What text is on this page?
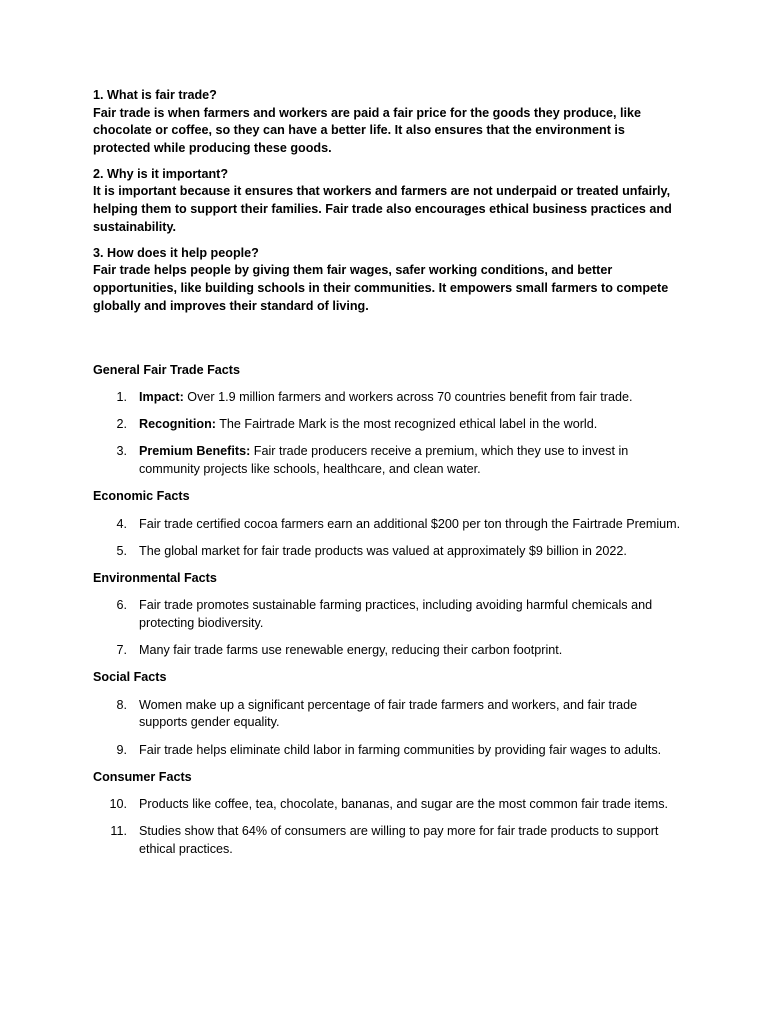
1. What is fair trade?

Fair trade is when farmers and workers are paid a fair price for the goods they produce, like chocolate or coffee, so they can have a better life. It also ensures that the environment is protected while producing these goods.

2. Why is it important?

It is important because it ensures that workers and farmers are not underpaid or treated unfairly, helping them to support their families. Fair trade also encourages ethical business practices and sustainability.

3. How does it help people?

Fair trade helps people by giving them fair wages, safer working conditions, and better opportunities, like building schools in their communities. It empowers small farmers to compete globally and improves their standard of living.

General Fair Trade Facts

1. Impact: Over 1.9 million farmers and workers across 70 countries benefit from fair trade.
2. Recognition: The Fairtrade Mark is the most recognized ethical label in the world.
3. Premium Benefits: Fair trade producers receive a premium, which they use to invest in community projects like schools, healthcare, and clean water.

Economic Facts

4. Fair trade certified cocoa farmers earn an additional $200 per ton through the Fairtrade Premium.
5. The global market for fair trade products was valued at approximately $9 billion in 2022.

Environmental Facts

6. Fair trade promotes sustainable farming practices, including avoiding harmful chemicals and protecting biodiversity.
7. Many fair trade farms use renewable energy, reducing their carbon footprint.

Social Facts

8. Women make up a significant percentage of fair trade farmers and workers, and fair trade supports gender equality.
9. Fair trade helps eliminate child labor in farming communities by providing fair wages to adults.

Consumer Facts

10. Products like coffee, tea, chocolate, bananas, and sugar are the most common fair trade items.
11. Studies show that 64% of consumers are willing to pay more for fair trade products to support ethical practices.
